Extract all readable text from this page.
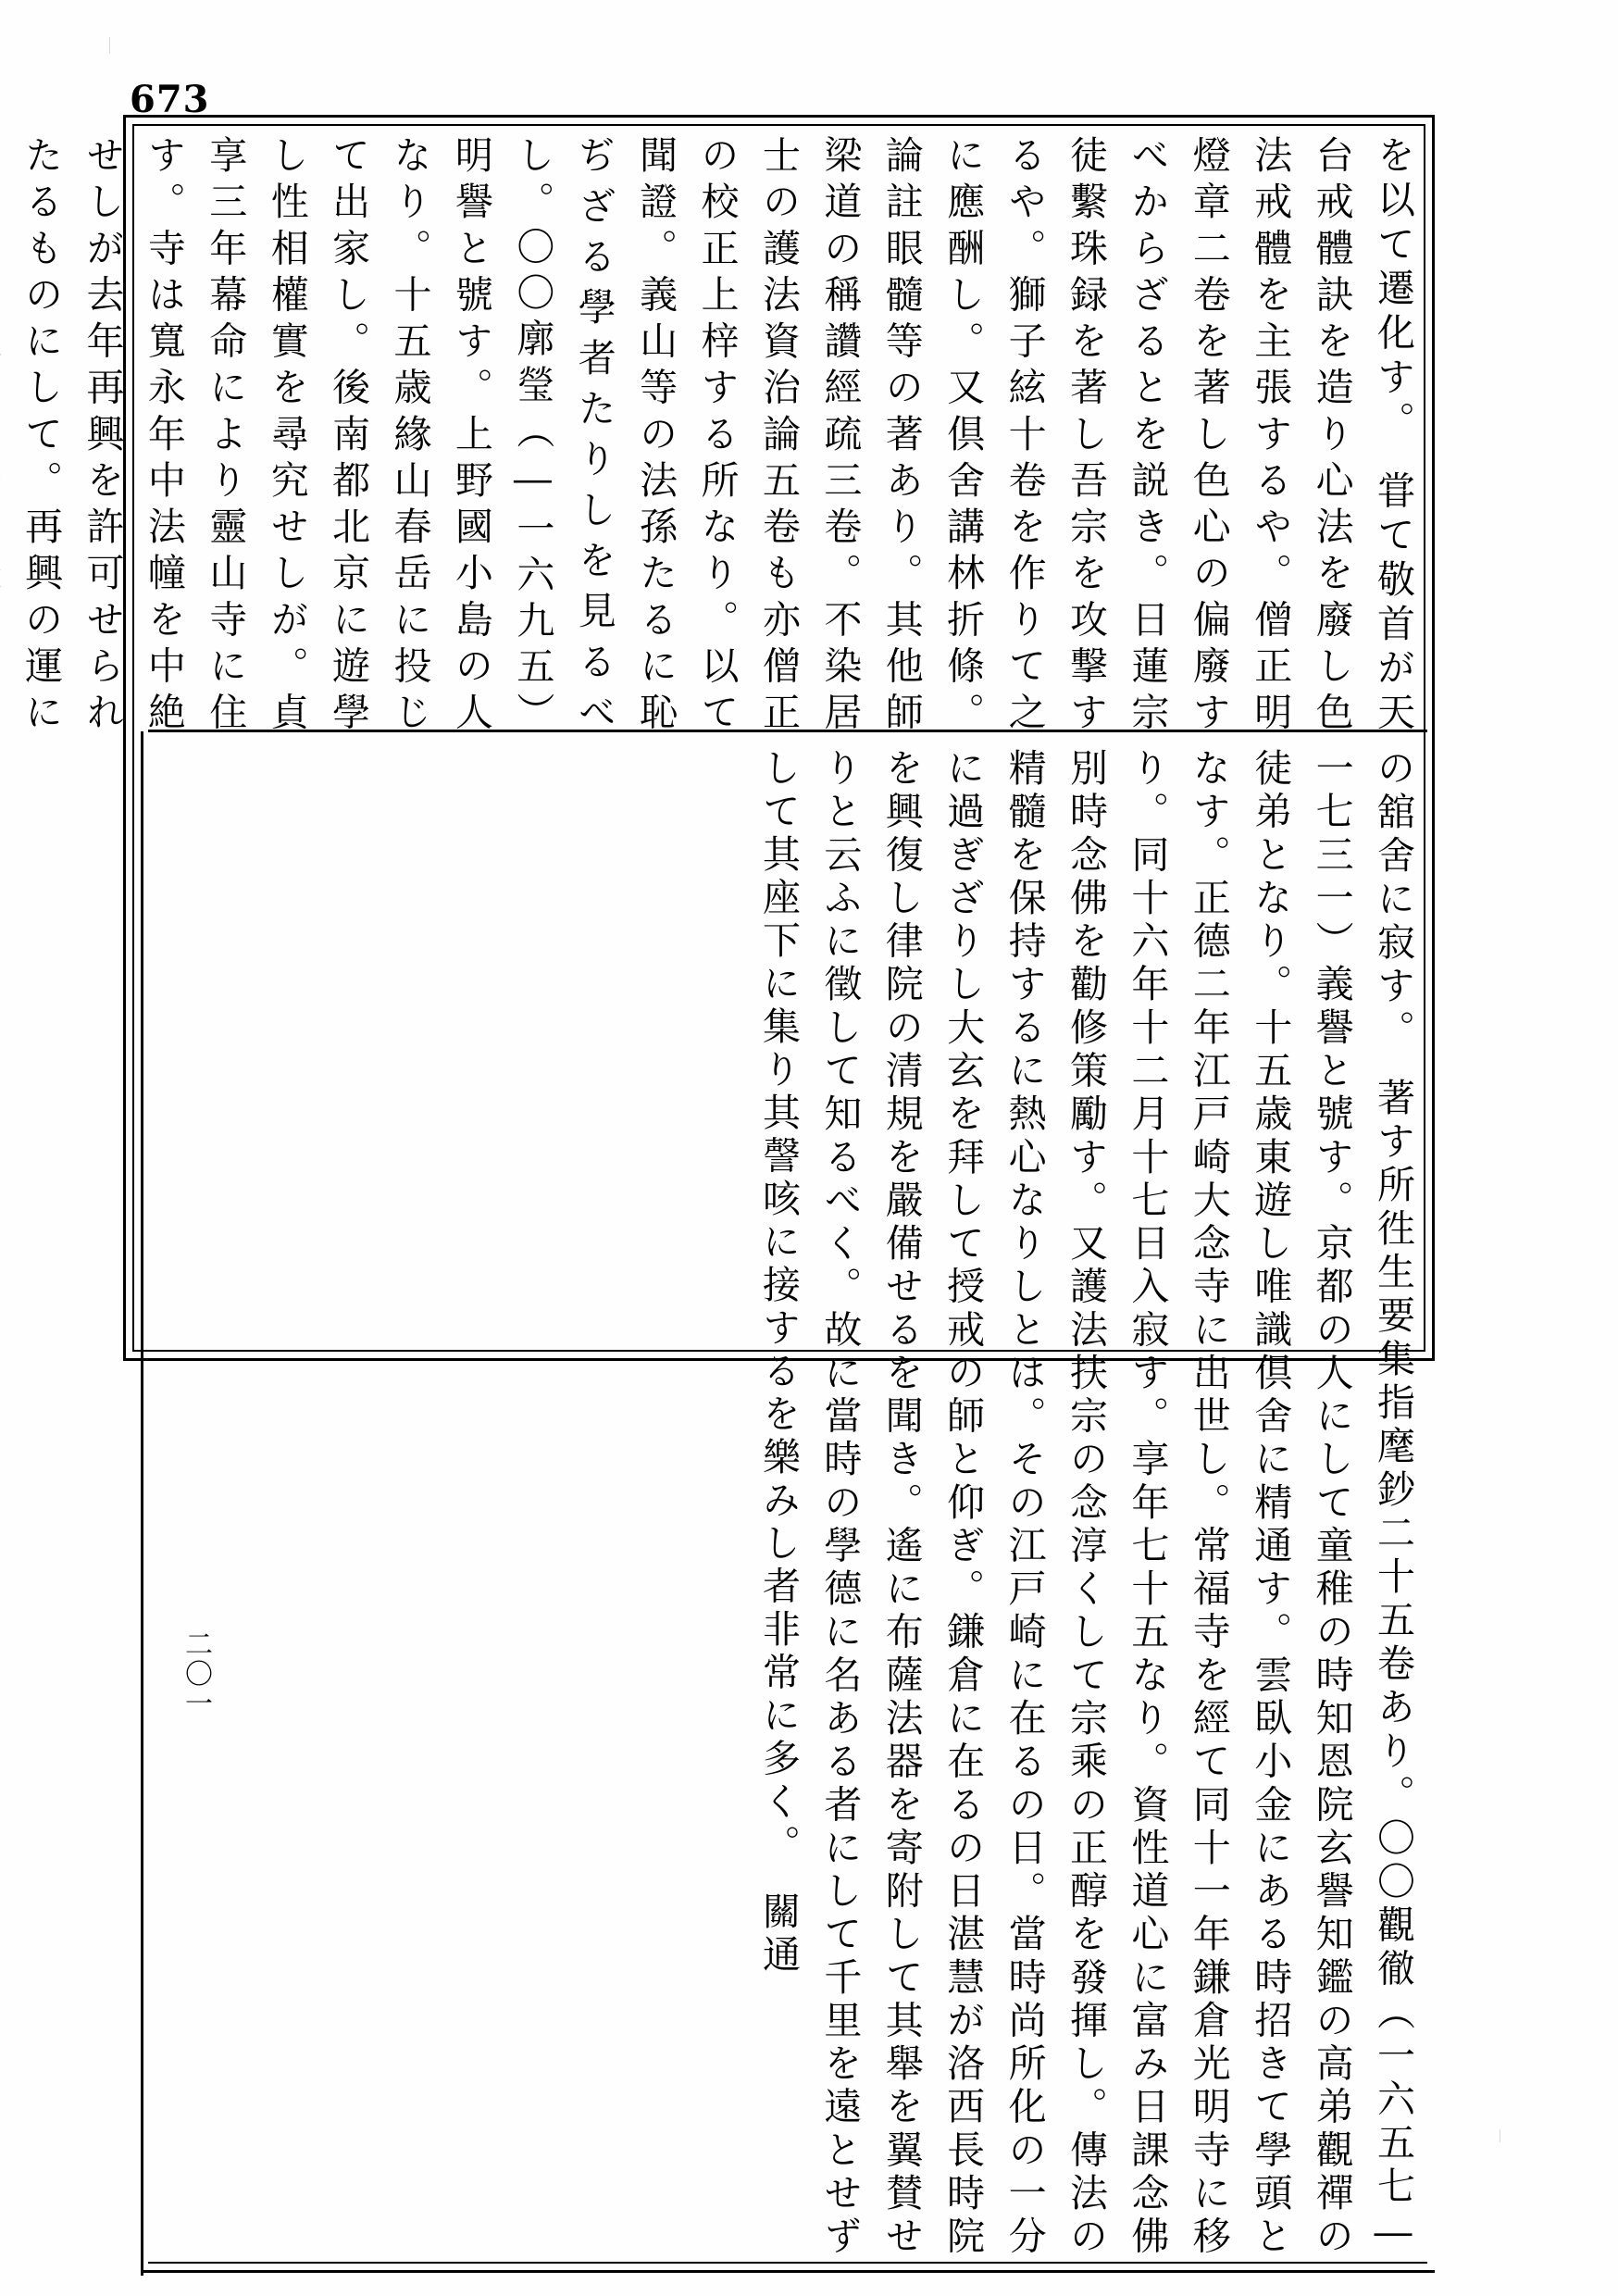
673
二〇一
を以て遷化す。　甞て敬首が天台戒體訣を造り心法を廢し色法戒體を主張するや。僧正明燈章二卷を著し色心の偏廢すべからざるとを説き。日蓮宗徒繫珠録を著し吾宗を攻撃するや。獅子絃十卷を作りて之に應酬し。又倶舍講林折條。論註眼髓等の著あり。其他師梁道の稱讚經疏三卷。不染居士の護法資治論五卷も亦僧正の校正上梓する所なり。以て聞證。義山等の法孫たるに恥ぢざる學者たりしを見るべし。〇〇廓瑩（―一六九五）明譽と號す。上野國小島の人なり。十五歳緣山春岳に投じて出家し。後南都北京に遊學し性相權實を尋究せしが。貞享三年幕命により靈山寺に住す。寺は寬永年中法幢を中絶せしが去年再興を許可せられたるものにして。再興の運に　　
の舘舍に寂す。　著す所徃生要集指麾鈔二十五卷あり。〇〇觀徹（一六五七―一七三一）義譽と號す。京都の人にして童稚の時知恩院玄譽知鑑の高弟觀禪の徒弟となり。十五歳東遊し唯識倶舍に精通す。雲臥小金にある時招きて學頭となす。正德二年江戸崎大念寺に出世し。常福寺を經て同十一年鎌倉光明寺に移り。同十六年十二月十七日入寂す。享年七十五なり。資性道心に富み日課念佛別時念佛を勸修策勵す。又護法扶宗の念淳くして宗乘の正醇を發揮し。傳法の精髓を保持するに熱心なりしとは。その江戸崎に在るの日。當時尚所化の一分に過ぎざりし大玄を拜して授戒の師と仰ぎ。鎌倉に在るの日湛慧が洛西長時院を興復し律院の清規を嚴備せるを聞き。遙に布薩法器を寄附して其舉を翼賛せりと云ふに徵して知るべく。故に當時の學德に名ある者にして千里を遠とせずして其座下に集り其謦咳に接するを樂みし者非常に多く。　關通
